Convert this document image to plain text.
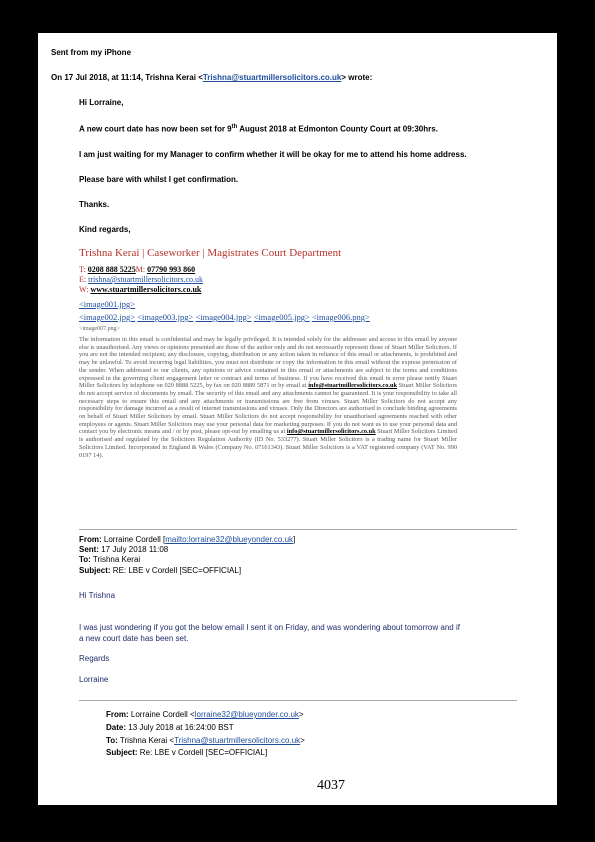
Sent from my iPhone
On 17 Jul 2018, at 11:14, Trishna Kerai <Trishna@stuartmillersolicitors.co.uk> wrote:
Hi Lorraine,
A new court date has now been set for 9th August 2018 at Edmonton County Court at 09:30hrs.
I am just waiting for my Manager to confirm whether it will be okay for me to attend his home address.
Please bare with whilst I get confirmation.
Thanks.
Kind regards,
Trishna Kerai | Caseworker | Magistrates Court Department
T: 0208 888 5225M: 07790 993 860
E: trishna@stuartmillersolicitors.co.uk
W: www.stuartmillersolicitors.co.uk
<image001.jpg>
<image002.jpg> <image003.jpg> <image004.jpg> <image005.jpg> <image006.png>
<image007.png>
The information in this email is confidential and may be legally privileged. It is intended solely for the addressee and access to this email by anyone else is unauthorised. Any views or opinions presented are those of the author only and do not necessarily represent those of Stuart Miller Solicitors. If you are not the intended recipient; any disclosure, copying, distribution or any action taken in reliance of this email or attachments, is prohibited and may be unlawful. To avoid incurring legal liabilities, you must not distribute or copy the information in this email without the express permission of the sender. When addressed to our clients, any opinions or advice contained in this email or attachments are subject to the terms and conditions expressed in the governing client engagement letter or contract and terms of business. If you have received this email in error please notify Stuart Miller Solicitors by telephone on 020 8888 5225, by fax on 020 8889 5871 or by email at info@stuartmillersolicitors.co.uk Stuart Miller Solicitors do not accept service of documents by email. The security of this email and any attachments cannot be guaranteed. It is your responsibility to take all necessary steps to ensure this email and any attachments or transmissions are free from viruses. Stuart Miller Solicitors do not accept any responsibility for damage incurred as a result of internet transmissions and viruses. Only the Directors are authorised to conclude binding agreements on behalf of Stuart Miller Solicitors by email. Stuart Miller Solicitors do not accept responsibility for unauthorised agreements reached with other employees or agents. Stuart Miller Solicitors may use your personal data for marketing purposes. If you do not want us to use your personal data and contact you by electronic means and / or by post, please opt-out by emailing us at info@stuartmillersolicitors.co.uk Stuart Miller Solicitors Limited is authorised and regulated by the Solicitors Regulation Authority (ID No. 533277). Stuart Miller Solicitors is a trading name for Stuart Miller Solicitors Limited. Incorporated in England & Wales (Company No. 07161343). Stuart Miller Solicitors is a VAT registered company (VAT No. 990 0197 14).
From: Lorraine Cordell [mailto:lorraine32@blueyonder.co.uk]
Sent: 17 July 2018 11:08
To: Trishna Kerai
Subject: RE: LBE v Cordell [SEC=OFFICIAL]
Hi Trishna
I was just wondering if you got the below email I sent it on Friday, and was wondering about tomorrow and if
a new court date has been set.
Regards
Lorraine
From: Lorraine Cordell <lorraine32@blueyonder.co.uk>
Date: 13 July 2018 at 16:24:00 BST
To: Trishna Kerai <Trishna@stuartmillersolicitors.co.uk>
Subject: Re: LBE v Cordell [SEC=OFFICIAL]
4037
